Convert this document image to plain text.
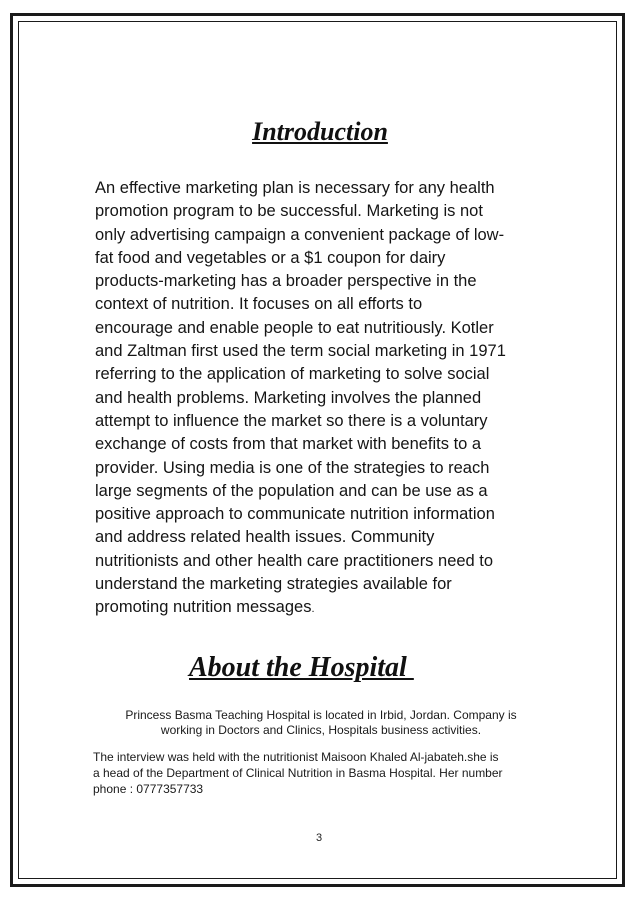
Introduction
An effective marketing plan is necessary for any health
promotion program to be successful. Marketing is not
only advertising campaign a convenient package of low-
fat food and vegetables or a $1 coupon for dairy
products-marketing has a broader perspective in the
context of nutrition. It focuses on all efforts to
encourage and enable people to eat nutritiously. Kotler
and Zaltman first used the term social marketing in 1971
referring to the application of marketing to solve social
and health problems. Marketing involves the planned
attempt to influence the market so there is a voluntary
exchange of costs from that market with benefits to a
provider. Using media is one of the strategies to reach
large segments of the population and can be use as a
positive approach to communicate nutrition information
and address related health issues. Community
nutritionists and other health care practitioners need to
understand the marketing strategies available for
promoting nutrition messages.
About the Hospital
Princess Basma Teaching Hospital is located in Irbid, Jordan. Company is
working in Doctors and Clinics, Hospitals business activities.
The interview was held with the nutritionist Maisoon Khaled Al-jabateh.she is
a head of the Department of Clinical Nutrition in Basma Hospital. Her number
phone : 0777357733
3
